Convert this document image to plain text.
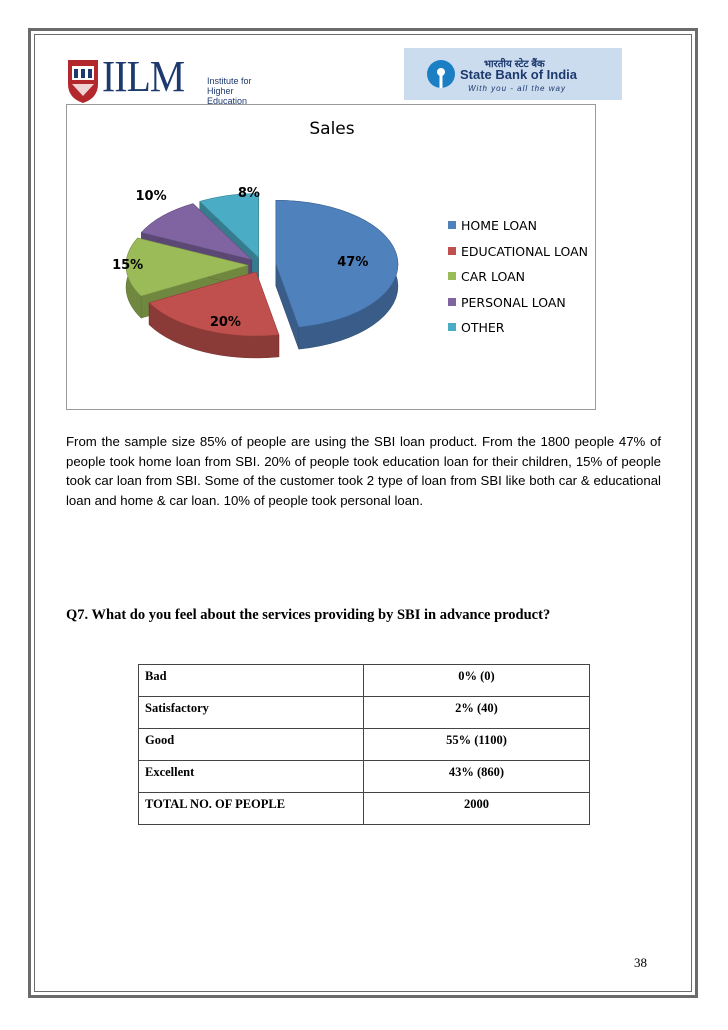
IILM	Institute for Higher Education
भारतीय स्टेट बैंक
State Bank of India
With you - all the way
Sales
HOME LOAN
EDUCATIONAL LOAN
CAR LOAN
PERSONAL LOAN
OTHER
47%
20%
15%
10%	8%
From the sample size 85% of people are using the SBI loan product. From the 1800 people 47% of people took home loan from SBI. 20% of people took education loan for their children, 15% of people took car loan from SBI. Some of the customer took 2 type of loan from SBI like both car & educational loan and home & car loan. 10% of people took personal loan.
Q7. What do you feel about the services providing by SBI in advance product?
Bad	0% (0)
Satisfactory	2% (40)
Good	55% (1100)
Excellent	43% (860)
TOTAL NO. OF PEOPLE	2000
38
